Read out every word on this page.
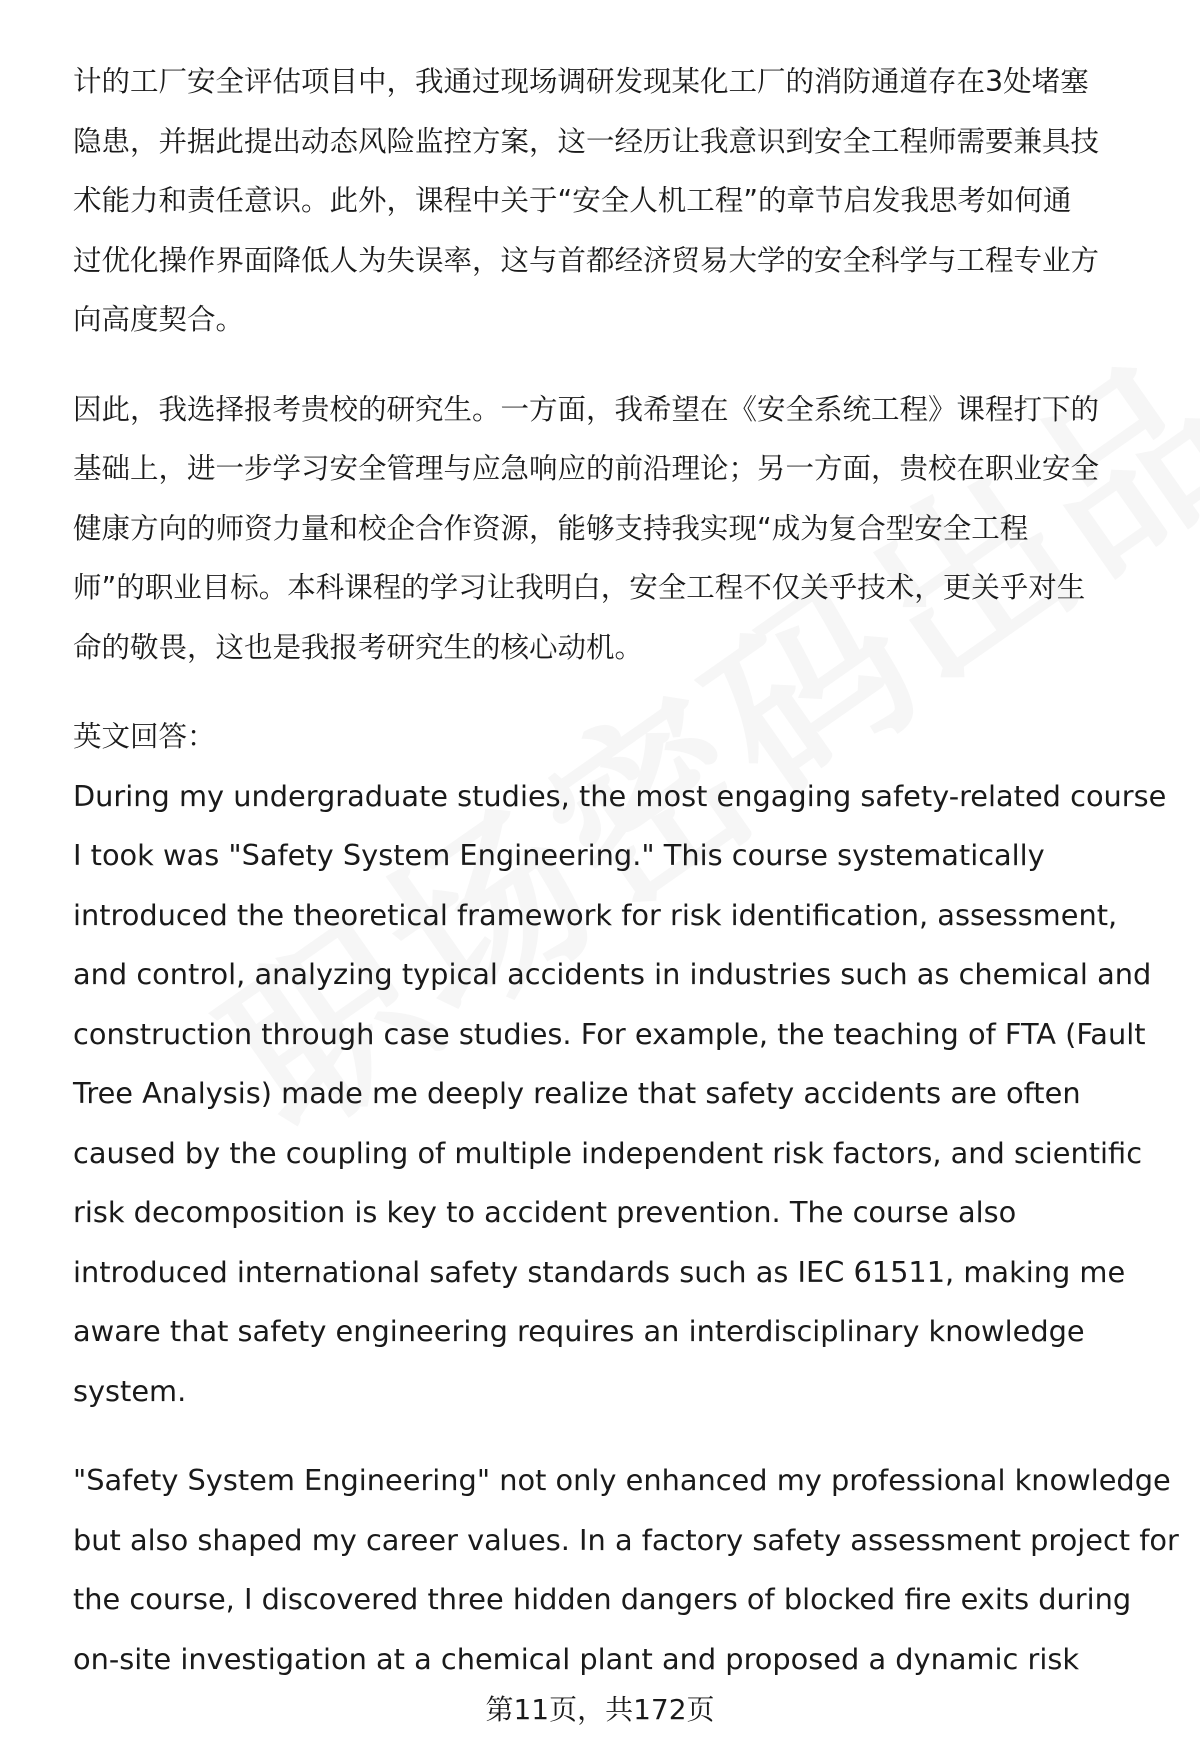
计的工厂安全评估项目中，我通过现场调研发现某化工厂的消防通道存在3处堵塞
隐患，并据此提出动态风险监控方案，这一经历让我意识到安全工程师需要兼具技
术能力和责任意识。此外，课程中关于“安全人机工程”的章节启发我思考如何通
过优化操作界面降低人为失误率，这与首都经济贸易大学的安全科学与工程专业方
向高度契合。

因此，我选择报考贵校的研究生。一方面，我希望在《安全系统工程》课程打下的
基础上，进一步学习安全管理与应急响应的前沿理论；另一方面，贵校在职业安全
健康方向的师资力量和校企合作资源，能够支持我实现“成为复合型安全工程
师”的职业目标。本科课程的学习让我明白，安全工程不仅关乎技术，更关乎对生
命的敬畏，这也是我报考研究生的核心动机。

英文回答：

During my undergraduate studies, the most engaging safety-related course
I took was "Safety System Engineering." This course systematically
introduced the theoretical framework for risk identification, assessment,
and control, analyzing typical accidents in industries such as chemical and
construction through case studies. For example, the teaching of FTA (Fault
Tree Analysis) made me deeply realize that safety accidents are often
caused by the coupling of multiple independent risk factors, and scientific
risk decomposition is key to accident prevention. The course also
introduced international safety standards such as IEC 61511, making me
aware that safety engineering requires an interdisciplinary knowledge
system.

"Safety System Engineering" not only enhanced my professional knowledge
but also shaped my career values. In a factory safety assessment project for
the course, I discovered three hidden dangers of blocked fire exits during
on-site investigation at a chemical plant and proposed a dynamic risk

第11页，共172页
